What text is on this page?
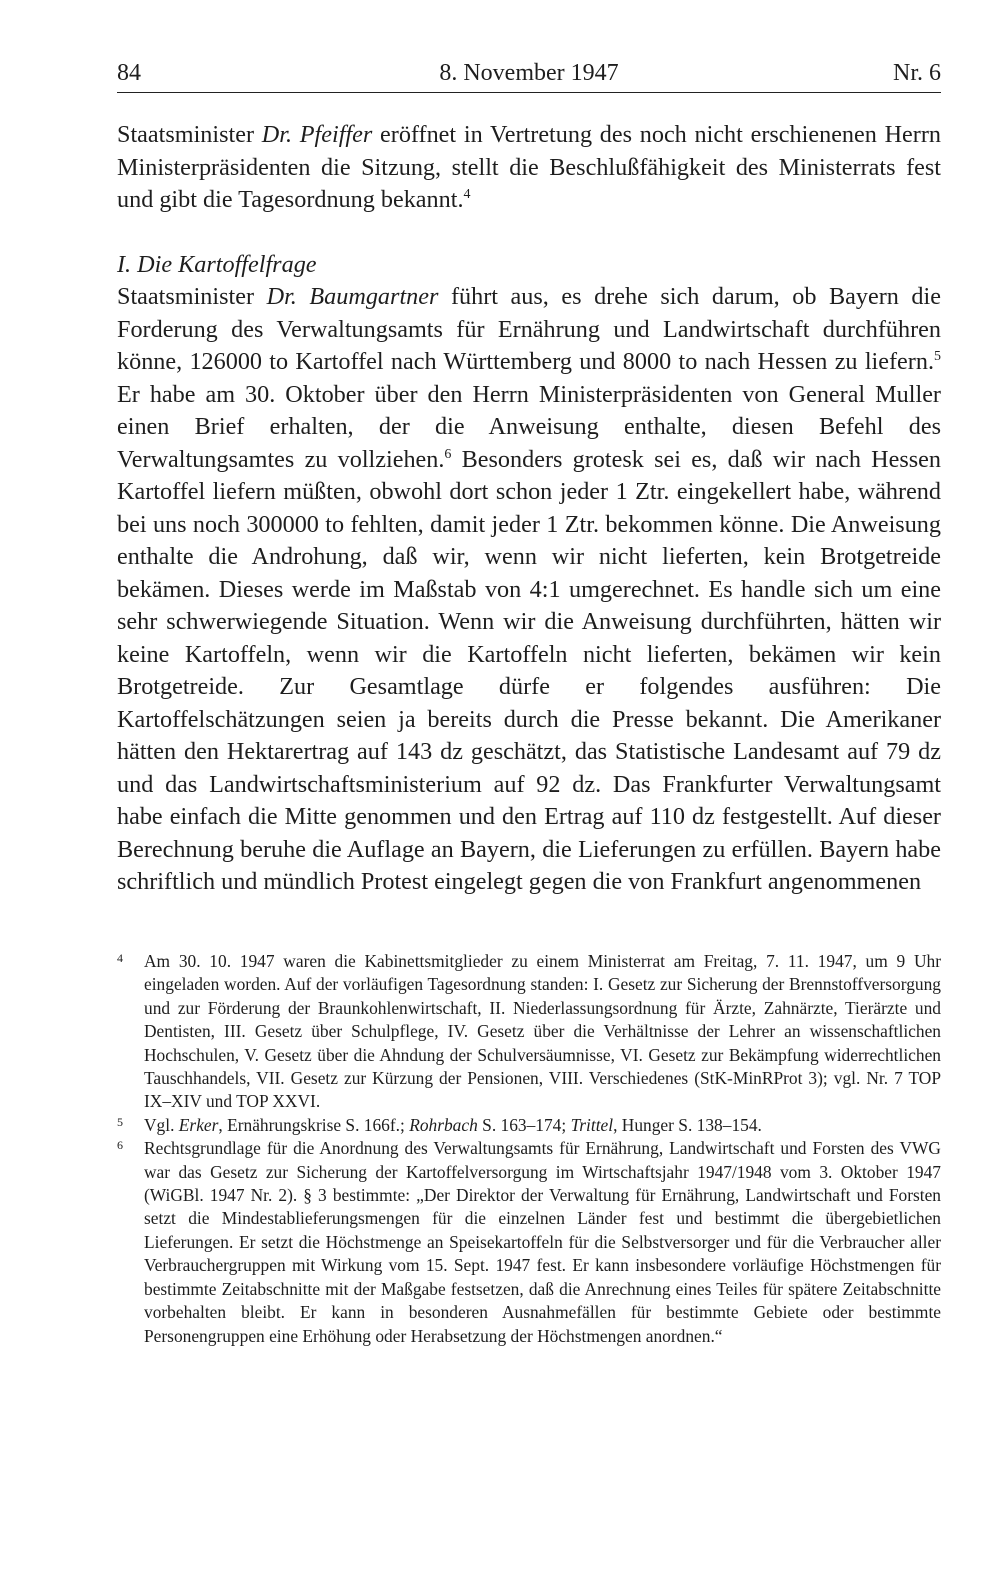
84	8. November 1947	Nr. 6

Staatsminister Dr. Pfeiffer eröffnet in Vertretung des noch nicht erschienenen Herrn Ministerpräsidenten die Sitzung, stellt die Beschlußfähigkeit des Ministerrats fest und gibt die Tagesordnung bekannt.$^4$

I. Die Kartoffelfrage

Staatsminister Dr. Baumgartner führt aus, es drehe sich darum, ob Bayern die Forderung des Verwaltungsamts für Ernährung und Landwirtschaft durchführen könne, 126000 to Kartoffel nach Württemberg und 8000 to nach Hessen zu liefern.$^5$ Er habe am 30. Oktober über den Herrn Ministerpräsidenten von General Muller einen Brief erhalten, der die Anweisung enthalte, diesen Befehl des Verwaltungsamtes zu vollziehen.$^6$ Besonders grotesk sei es, daß wir nach Hessen Kartoffel liefern müßten, obwohl dort schon jeder 1 Ztr. eingekellert habe, während bei uns noch 300000 to fehlten, damit jeder 1 Ztr. bekommen könne. Die Anweisung enthalte die Androhung, daß wir, wenn wir nicht lieferten, kein Brotgetreide bekämen. Dieses werde im Maßstab von 4:1 umgerechnet. Es handle sich um eine sehr schwerwiegende Situation. Wenn wir die Anweisung durchführten, hätten wir keine Kartoffeln, wenn wir die Kartoffeln nicht lieferten, bekämen wir kein Brotgetreide. Zur Gesamtlage dürfe er folgendes ausführen: Die Kartoffelschätzungen seien ja bereits durch die Presse bekannt. Die Amerikaner hätten den Hektarertrag auf 143 dz geschätzt, das Statistische Landesamt auf 79 dz und das Landwirtschaftsministerium auf 92 dz. Das Frankfurter Verwaltungsamt habe einfach die Mitte genommen und den Ertrag auf 110 dz festgestellt. Auf dieser Berechnung beruhe die Auflage an Bayern, die Lieferungen zu erfüllen. Bayern habe schriftlich und mündlich Protest eingelegt gegen die von Frankfurt angenommenen

4 Am 30. 10. 1947 waren die Kabinettsmitglieder zu einem Ministerrat am Freitag, 7. 11. 1947, um 9 Uhr eingeladen worden. Auf der vorläufigen Tagesordnung standen: I. Gesetz zur Sicherung der Brennstoffversorgung und zur Förderung der Braunkohlenwirtschaft, II. Niederlassungsordnung für Ärzte, Zahnärzte, Tierärzte und Dentisten, III. Gesetz über Schulpflege, IV. Gesetz über die Verhältnisse der Lehrer an wissenschaftlichen Hochschulen, V. Gesetz über die Ahndung der Schulversäumnisse, VI. Gesetz zur Bekämpfung widerrechtlichen Tauschhandels, VII. Gesetz zur Kürzung der Pensionen, VIII. Verschiedenes (StK-MinRProt 3); vgl. Nr. 7 TOP IX–XIV und TOP XXVI.

5 Vgl. Erker, Ernährungskrise S. 166f.; Rohrbach S. 163–174; Trittel, Hunger S. 138–154.

6 Rechtsgrundlage für die Anordnung des Verwaltungsamts für Ernährung, Landwirtschaft und Forsten des VWG war das Gesetz zur Sicherung der Kartoffelversorgung im Wirtschaftsjahr 1947/1948 vom 3. Oktober 1947 (WiGBl. 1947 Nr. 2). § 3 bestimmte: „Der Direktor der Verwaltung für Ernährung, Landwirtschaft und Forsten setzt die Mindestablieferungsmengen für die einzelnen Länder fest und bestimmt die übergebietlichen Lieferungen. Er setzt die Höchstmenge an Speisekartoffeln für die Selbstversorger und für die Verbraucher aller Verbrauchergruppen mit Wirkung vom 15. Sept. 1947 fest. Er kann insbesondere vorläufige Höchstmengen für bestimmte Zeitabschnitte mit der Maßgabe festsetzen, daß die Anrechnung eines Teiles für spätere Zeitabschnitte vorbehalten bleibt. Er kann in besonderen Ausnahmefällen für bestimmte Gebiete oder bestimmte Personengruppen eine Erhöhung oder Herabsetzung der Höchstmengen anordnen.“
